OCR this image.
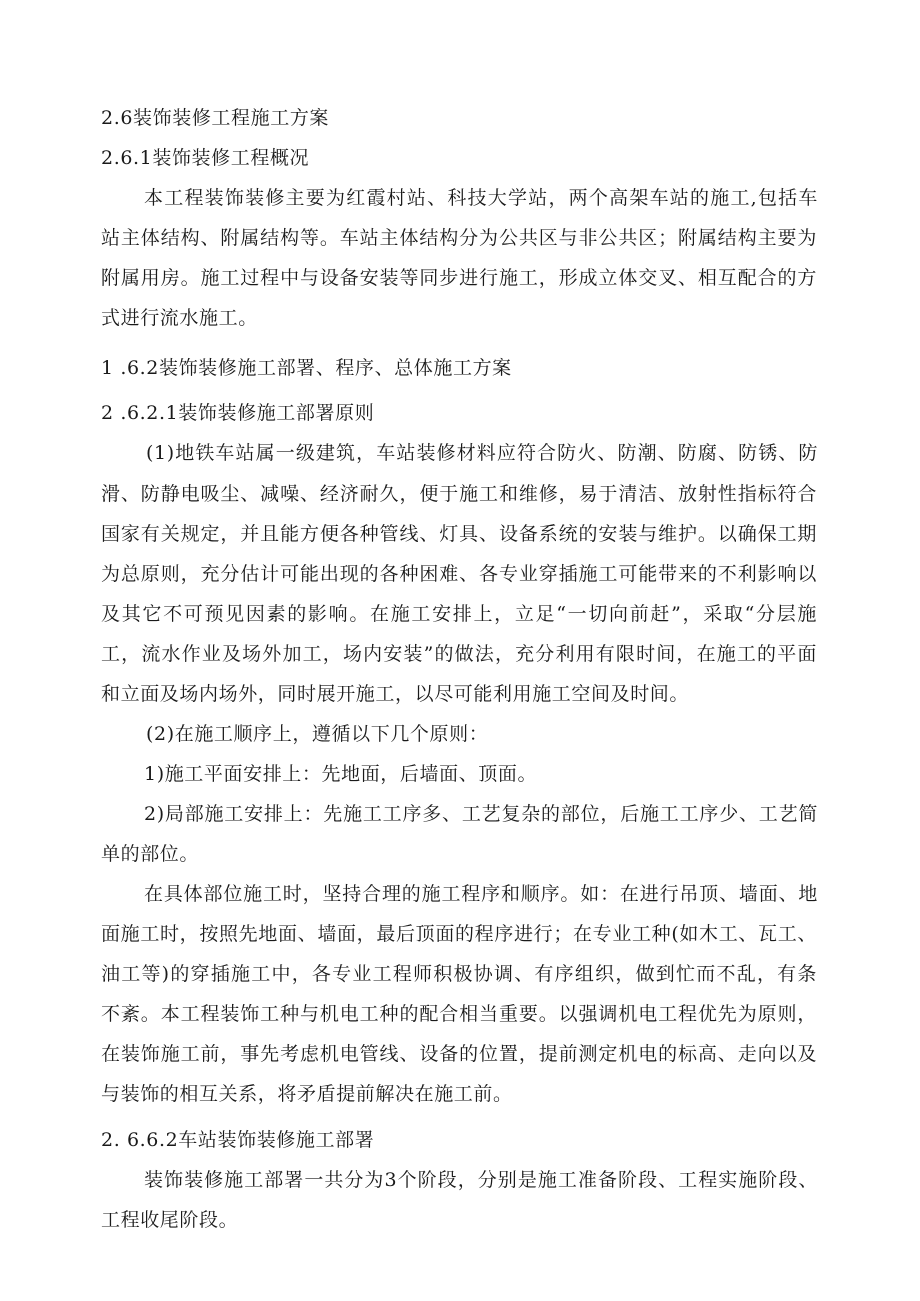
2.6装饰装修工程施工方案
2.6.1装饰装修工程概况
本工程装饰装修主要为红霞村站、科技大学站，两个高架车站的施工,包括车
站主体结构、附属结构等。车站主体结构分为公共区与非公共区；附属结构主要为
附属用房。施工过程中与设备安装等同步进行施工，形成立体交叉、相互配合的方
式进行流水施工。
1 .6.2装饰装修施工部署、程序、总体施工方案
2 .6.2.1装饰装修施工部署原则
(1)地铁车站属一级建筑，车站装修材料应符合防火、防潮、防腐、防锈、防
滑、防静电吸尘、减噪、经济耐久，便于施工和维修，易于清洁、放射性指标符合
国家有关规定，并且能方便各种管线、灯具、设备系统的安装与维护。以确保工期
为总原则，充分估计可能出现的各种困难、各专业穿插施工可能带来的不利影响以
及其它不可预见因素的影响。在施工安排上，立足“一切向前赶”，采取“分层施
工，流水作业及场外加工，场内安装”的做法，充分利用有限时间，在施工的平面
和立面及场内场外，同时展开施工，以尽可能利用施工空间及时间。
(2)在施工顺序上，遵循以下几个原则：
1)施工平面安排上：先地面，后墙面、顶面。
2)局部施工安排上：先施工工序多、工艺复杂的部位，后施工工序少、工艺简
单的部位。
在具体部位施工时，坚持合理的施工程序和顺序。如：在进行吊顶、墙面、地
面施工时，按照先地面、墙面，最后顶面的程序进行；在专业工种(如木工、瓦工、
油工等)的穿插施工中，各专业工程师积极协调、有序组织，做到忙而不乱，有条
不紊。本工程装饰工种与机电工种的配合相当重要。以强调机电工程优先为原则，
在装饰施工前，事先考虑机电管线、设备的位置，提前测定机电的标高、走向以及
与装饰的相互关系，将矛盾提前解决在施工前。
2. 6.6.2车站装饰装修施工部署
装饰装修施工部署一共分为3个阶段，分别是施工准备阶段、工程实施阶段、
工程收尾阶段。
